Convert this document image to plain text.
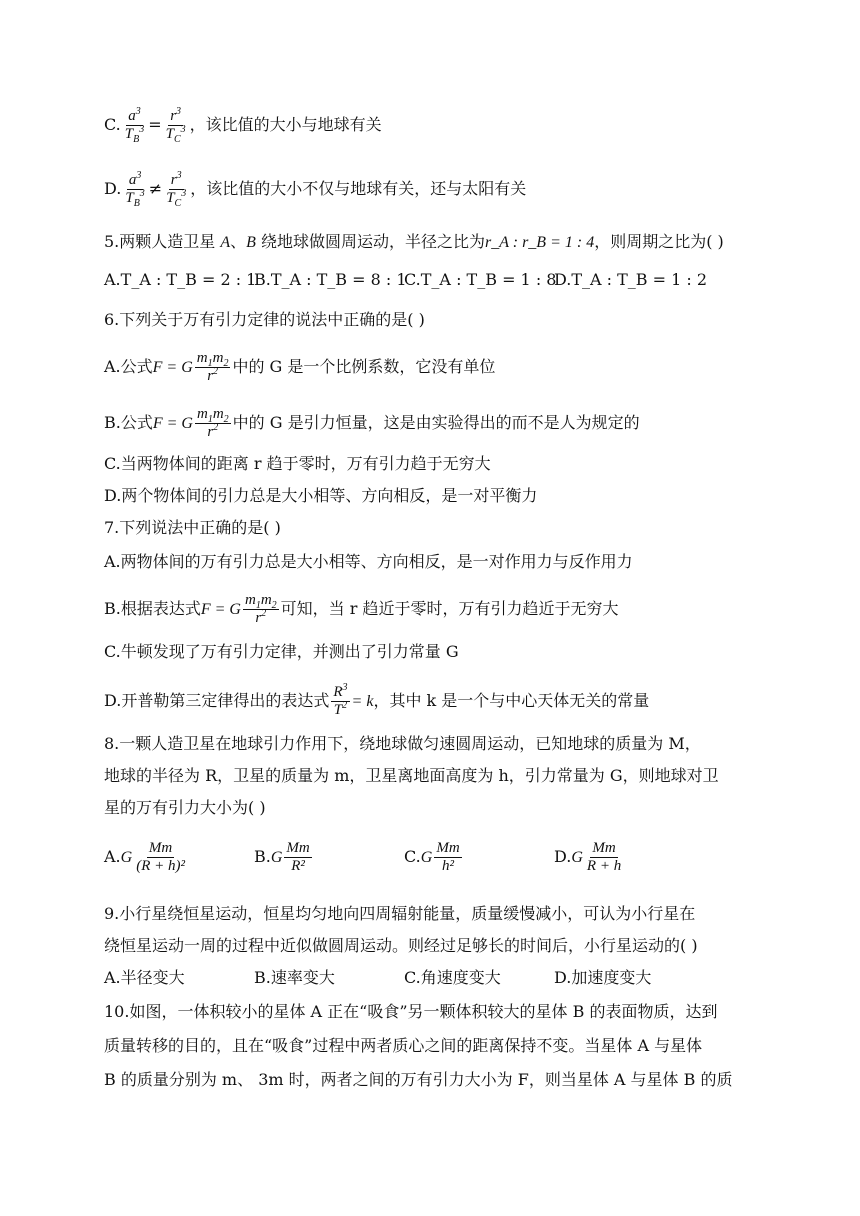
C. $\frac{a^3}{T_B^3} = \frac{r^3}{T_C^3}$ ，该比值的大小与地球有关
D. $\frac{a^3}{T_B^3} \ne \frac{r^3}{T_C^3}$ ，该比值的大小不仅与地球有关，还与太阳有关
5.两颗人造卫星 A、B 绕地球做圆周运动，半径之比为r_A : r_B = 1 : 4，则周期之比为( )
A.T_A : T_B = 2 : 1
B.T_A : T_B = 8 : 1
C.T_A : T_B = 1 : 8
D.T_A : T_B = 1 : 2
6.下列关于万有引力定律的说法中正确的是( )
A.公式F = G $\frac{m_1m_2}{r^2}$ 中的 G 是一个比例系数，它没有单位
B.公式F = G $\frac{m_1m_2}{r^2}$ 中的 G 是引力恒量，这是由实验得出的而不是人为规定的
C.当两物体间的距离 r 趋于零时，万有引力趋于无穷大
D.两个物体间的引力总是大小相等、方向相反，是一对平衡力
7.下列说法中正确的是( )
A.两物体间的万有引力总是大小相等、方向相反，是一对作用力与反作用力
B.根据表达式F = G $\frac{m_1m_2}{r^2}$ 可知，当 r 趋近于零时，万有引力趋近于无穷大
C.牛顿发现了万有引力定律，并测出了引力常量 G
D.开普勒第三定律得出的表达式 $\frac{R^3}{T^2} = k$，其中 k 是一个与中心天体无关的常量
8.一颗人造卫星在地球引力作用下，绕地球做匀速圆周运动，已知地球的质量为 M，
地球的半径为 R，卫星的质量为 m，卫星离地面高度为 h，引力常量为 G，则地球对卫
星的万有引力大小为( )
$A.G \frac{Mm}{\text{(R + h)²}}$	$B.G \frac{Mm}{\text{R²}}$	$C.G \frac{Mm}{\text{h²}}$	$D.G \frac{Mm}{R + h}$
9.小行星绕恒星运动，恒星均匀地向四周辐射能量，质量缓慢减小，可认为小行星在
绕恒星运动一周的过程中近似做圆周运动。则经过足够长的时间后，小行星运动的( )
A.半径变大	B.速率变大	C.角速度变大	D.加速度变大
10.如图，一体积较小的星体 A 正在“吸食”另一颗体积较大的星体 B 的表面物质，达到
质量转移的目的，且在“吸食”过程中两者质心之间的距离保持不变。当星体 A 与星体
B 的质量分别为 m、 3m 时，两者之间的万有引力大小为 F，则当星体 A 与星体 B 的质
